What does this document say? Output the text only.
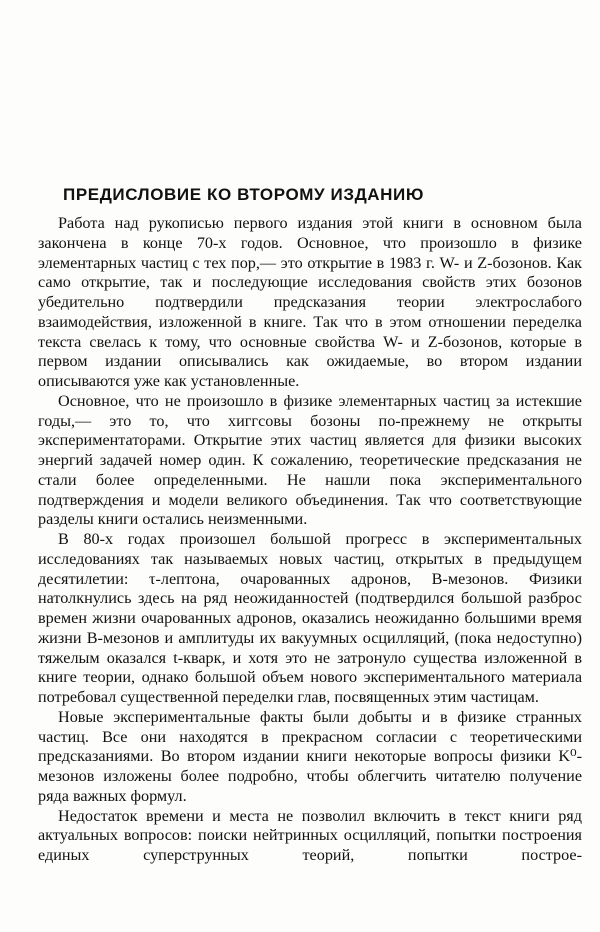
ПРЕДИСЛОВИЕ КО ВТОРОМУ ИЗДАНИЮ

Работа над рукописью первого издания этой книги в основном была закончена в конце 70-х годов. Основное, что произошло в физике элементарных частиц с тех пор,— это открытие в 1983 г. W- и Z-бозонов. Как само открытие, так и последующие исследования свойств этих бозонов убедительно подтвердили предсказания теории электрослабого взаимодействия, изложенной в книге. Так что в этом отношении переделка текста свелась к тому, что основные свойства W- и Z-бозонов, которые в первом издании описывались как ожидаемые, во втором издании описываются уже как установленные.

Основное, что не произошло в физике элементарных частиц за истекшие годы,— это то, что хиггсовы бозоны по-прежнему не открыты экспериментаторами. Открытие этих частиц является для физики высоких энергий задачей номер один. К сожалению, теоретические предсказания не стали более определенными. Не нашли пока экспериментального подтверждения и модели великого объединения. Так что соответствующие разделы книги остались неизменными.

В 80-х годах произошел большой прогресс в экспериментальных исследованиях так называемых новых частиц, открытых в предыдущем десятилетии: τ-лептона, очарованных адронов, B-мезонов. Физики натолкнулись здесь на ряд неожиданностей (подтвердился большой разброс времен жизни очарованных адронов, оказались неожиданно большими время жизни B-мезонов и амплитуды их вакуумных осцилляций, (пока недоступно) тяжелым оказался t-кварк, и хотя это не затронуло существа изложенной в книге теории, однако большой объем нового экспериментального материала потребовал существенной переделки глав, посвященных этим частицам.

Новые экспериментальные факты были добыты и в физике странных частиц. Все они находятся в прекрасном согласии с теоретическими предсказаниями. Во втором издании книги некоторые вопросы физики K⁰-мезонов изложены более подробно, чтобы облегчить читателю получение ряда важных формул.

Недостаток времени и места не позволил включить в текст книги ряд актуальных вопросов: поиски нейтринных осцилляций, попытки построения единых суперструнных теорий, попытки построе-
